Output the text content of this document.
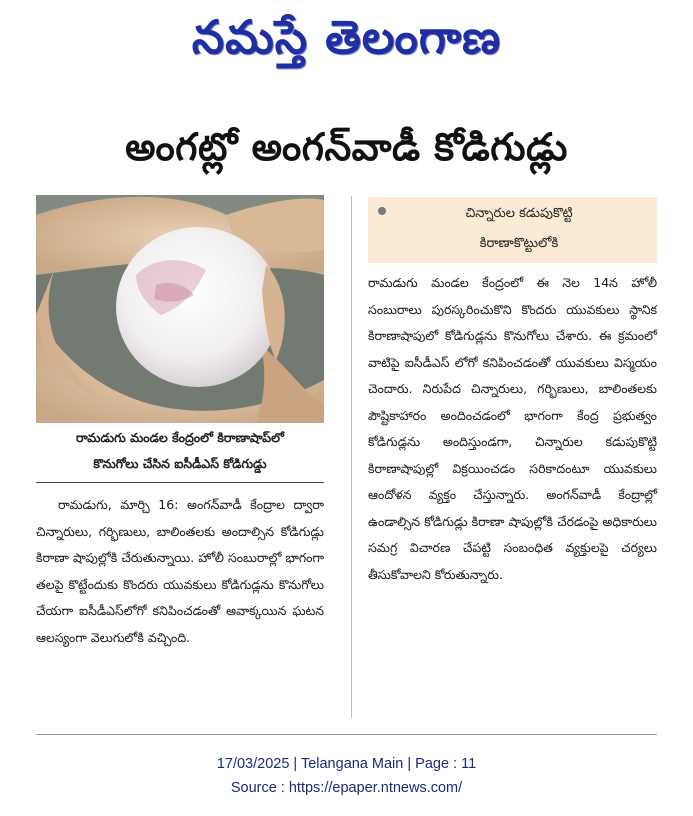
నమస్తే తెలంగాణ
అంగట్లో అంగన్‌వాడీ కోడిగుడ్లు
రామడుగు మండల కేంద్రంలో కిరాణాషాప్‌లో
కొనుగోలు చేసిన ఐసీడీఎస్ కోడిగుడ్డు

రామడుగు, మార్చి 16: అంగన్‌వాడీ కేంద్రాల ద్వారా చిన్నారులు, గర్భిణులు, బాలింతలకు అందాల్సిన కోడిగుడ్లు కిరాణా షాపుల్లోకి చేరుతున్నాయి. హోలీ సంబురాల్లో భాగంగా తలపై కొట్టేందుకు కొందరు యువకులు కోడిగుడ్లను కొనుగోలు చేయగా ఐసీడీఎస్‌లోగో కనిపించడంతో అవాక్కయిన ఘటన ఆలస్యంగా వెలుగులోకి వచ్చింది.

చిన్నారుల కడుపుకొట్టి
కిరాణాకొట్టులోకి

రామడుగు మండల కేంద్రంలో ఈ నెల 14న హోలీ సంబురాలు పురస్కరించుకొని కొందరు యువకులు స్థానిక కిరాణాషాపులో కోడిగుడ్లను కొనుగోలు చేశారు. ఈ క్రమంలో వాటిపై ఐసీడీఎస్ లోగో కనిపించడంతో యువకులు విస్మయం చెందారు. నిరుపేద చిన్నారులు, గర్భిణులు, బాలింతలకు పౌష్టికాహారం అందించడంలో భాగంగా కేంద్ర ప్రభుత్వం కోడిగుడ్లను అందిస్తుండగా, చిన్నారుల కడుపుకొట్టి కిరాణాషాపుల్లో విక్రయించడం సరికాదంటూ యువకులు ఆందోళన వ్యక్తం చేస్తున్నారు. అంగన్‌వాడీ కేంద్రాల్లో ఉండాల్సిన కోడిగుడ్లు కిరాణా షాపుల్లోకి చేరడంపై అధికారులు సమగ్ర విచారణ చేపట్టి సంబంధిత వ్యక్తులపై చర్యలు తీసుకోవాలని కోరుతున్నారు.

17/03/2025 | Telangana Main | Page : 11
Source : https://epaper.ntnews.com/
